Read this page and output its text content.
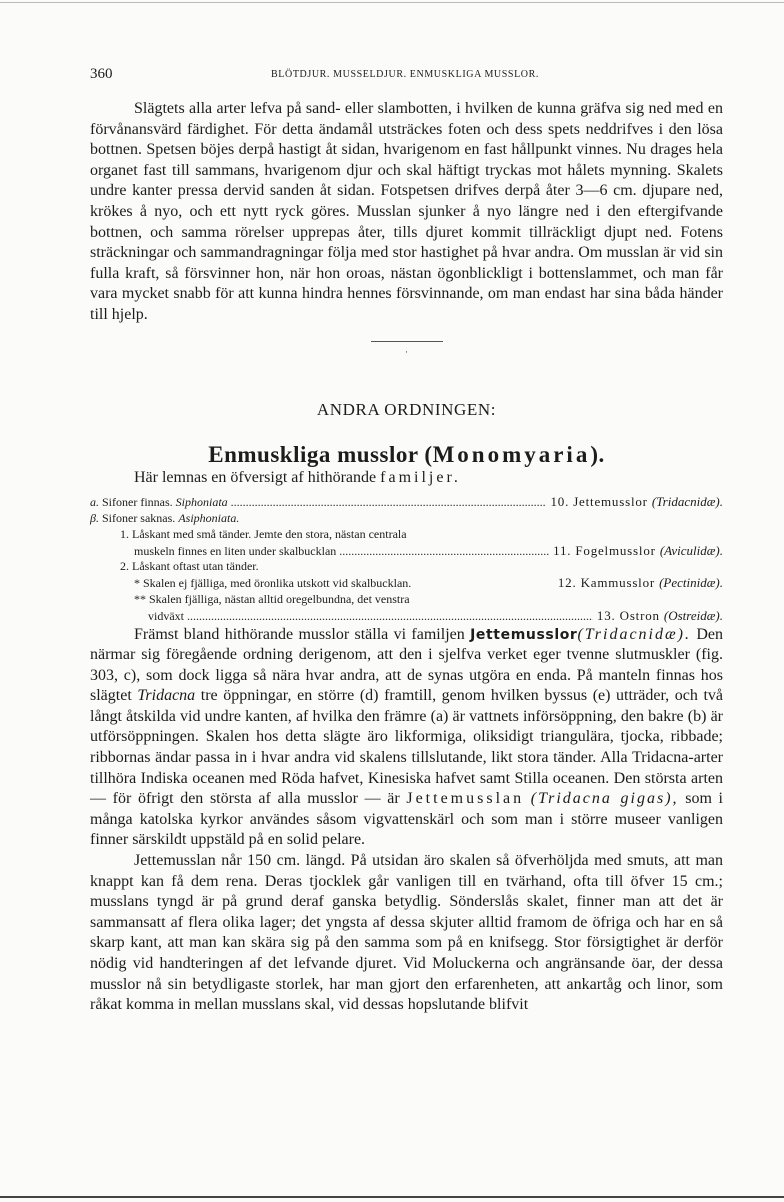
360	BLÖTDJUR. MUSSELDJUR. ENMUSKLIGA MUSSLOR.

Slägtets alla arter lefva på sand- eller slambotten, i hvilken de kunna gräfva sig ned med en förvånansvärd färdighet. För detta ändamål utsträckes foten och dess spets neddrifves i den lösa bottnen. Spetsen böjes derpå hastigt åt sidan, hvarigenom en fast hållpunkt vinnes. Nu drages hela organet fast till sammans, hvarigenom djur och skal häftigt tryckas mot hålets mynning. Skalets undre kanter pressa dervid sanden åt sidan. Fotspetsen drifves derpå åter 3—6 cm. djupare ned, krökes å nyo, och ett nytt ryck göres. Musslan sjunker å nyo längre ned i den eftergifvande bottnen, och samma rörelser upprepas åter, tills djuret kommit tillräckligt djupt ned. Fotens sträckningar och sammandragningar följa med stor hastighet på hvar andra. Om musslan är vid sin fulla kraft, så försvinner hon, när hon oroas, nästan ögonblickligt i bottenslammet, och man får vara mycket snabb för att kunna hindra hennes försvinnande, om man endast har sina båda händer till hjelp.

·
ANDRA ORDNINGEN:
Enmuskliga musslor (Monomyaria).

Här lemnas en öfversigt af hithörande familjer.

a. Sifoner finnas. Siphoniata .....	10. Jettemusslor (Tridacnidæ).
β. Sifoner saknas. Asiphoniata.
1. Låskant med små tänder. Jemte den stora, nästan centrala
muskeln finnes en liten under skalbucklan .....	11. Fogelmusslor (Aviculidæ).
2. Låskant oftast utan tänder.
* Skalen ej fjälliga, med öronlika utskott vid skalbucklan.	12. Kammusslor (Pectinidæ).
** Skalen fjälliga, nästan alltid oregelbundna, det venstra
vidväxt .....	13. Ostron (Ostreidæ).

Främst bland hithörande musslor ställa vi familjen Jettemusslor(Tridacnidæ). Den närmar sig föregående ordning derigenom, att den i sjelfva verket eger tvenne slutmuskler (fig. 303, c), som dock ligga så nära hvar andra, att de synas utgöra en enda. På manteln finnas hos slägtet Tridacna tre öppningar, en större (d) framtill, genom hvilken byssus (e) utträder, och två långt åtskilda vid undre kanten, af hvilka den främre (a) är vattnets införsöppning, den bakre (b) är utförsöppningen. Skalen hos detta slägte äro likformiga, oliksidigt triangulära, tjocka, ribbade; ribbornas ändar passa in i hvar andra vid skalens tillslutande, likt stora tänder. Alla Tridacna-arter tillhöra Indiska oceanen med Röda hafvet, Kinesiska hafvet samt Stilla oceanen. Den största arten — för öfrigt den största af alla musslor — är Jettemusslan (Tridacna gigas), som i många katolska kyrkor användes såsom vigvattenskärl och som man i större museer vanligen finner särskildt uppstäld på en solid pelare.

Jettemusslan når 150 cm. längd. På utsidan äro skalen så öfverhöljda med smuts, att man knappt kan få dem rena. Deras tjocklek går vanligen till en tvärhand, ofta till öfver 15 cm.; musslans tyngd är på grund deraf ganska betydlig. Sönderslås skalet, finner man att det är sammansatt af flera olika lager; det yngsta af dessa skjuter alltid framom de öfriga och har en så skarp kant, att man kan skära sig på den samma som på en knifsegg. Stor försigtighet är derför nödig vid handteringen af det lefvande djuret. Vid Moluckerna och angränsande öar, der dessa musslor nå sin betydligaste storlek, har man gjort den erfarenheten, att ankartåg och linor, som råkat komma in mellan musslans skal, vid dessas hopslutande blifvit
